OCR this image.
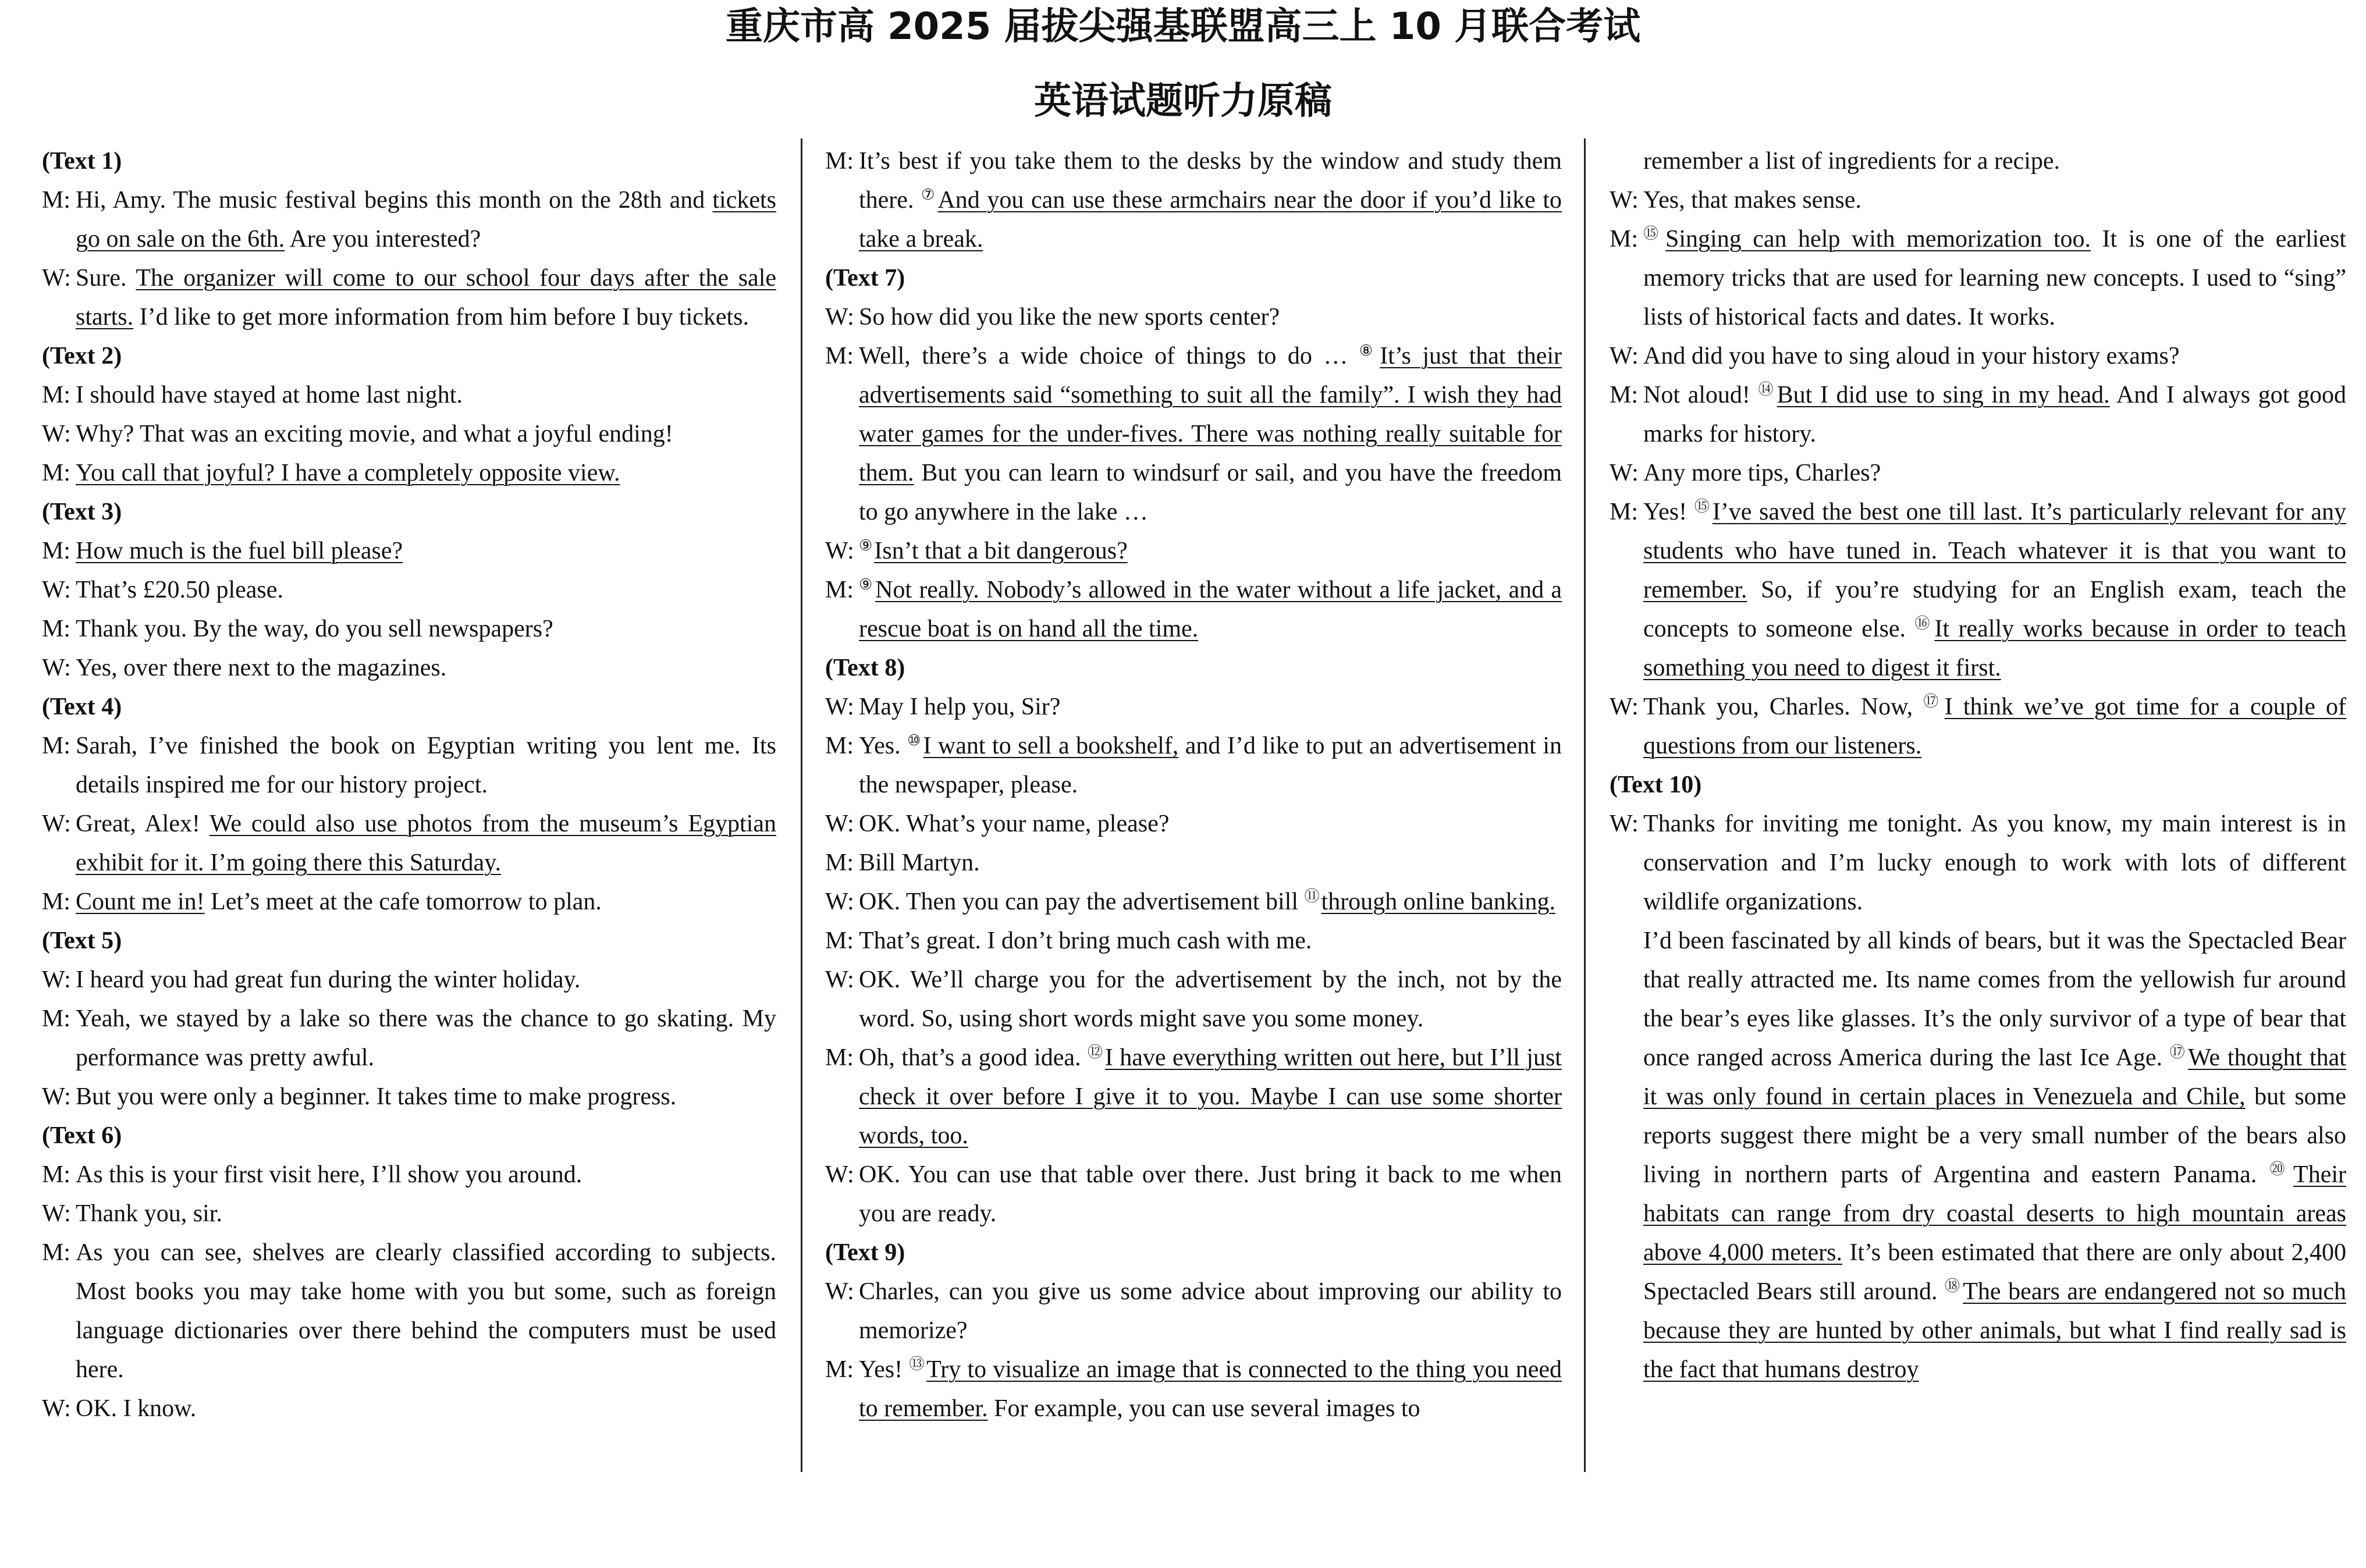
重庆市高 2025 届拔尖强基联盟高三上 10 月联合考试
英语试题听力原稿
(Text 1)
M: Hi, Amy. The music festival begins this month on the 28th and tickets go on sale on the 6th. Are you interested?
W: Sure. The organizer will come to our school four days after the sale starts. I’d like to get more information from him before I buy tickets.
(Text 2)
M: I should have stayed at home last night.
W: Why? That was an exciting movie, and what a joyful ending!
M: You call that joyful? I have a completely opposite view.
(Text 3)
M: How much is the fuel bill please?
W: That’s £20.50 please.
M: Thank you. By the way, do you sell newspapers?
W: Yes, over there next to the magazines.
(Text 4)
M: Sarah, I’ve finished the book on Egyptian writing you lent me. Its details inspired me for our history project.
W: Great, Alex! We could also use photos from the museum’s Egyptian exhibit for it. I’m going there this Saturday.
M: Count me in! Let’s meet at the cafe tomorrow to plan.
(Text 5)
W: I heard you had great fun during the winter holiday.
M: Yeah, we stayed by a lake so there was the chance to go skating. My performance was pretty awful.
W: But you were only a beginner. It takes time to make progress.
(Text 6)
M: As this is your first visit here, I’ll show you around.
W: Thank you, sir.
M: As you can see, shelves are clearly classified according to subjects. Most books you may take home with you but some, such as foreign language dictionaries over there behind the computers must be used here.
W: OK. I know.
M: It’s best if you take them to the desks by the window and study them there. ⑦And you can use these armchairs near the door if you’d like to take a break.
(Text 7)
W: So how did you like the new sports center?
M: Well, there’s a wide choice of things to do … ⑧It’s just that their advertisements said “something to suit all the family”. I wish they had water games for the under-fives. There was nothing really suitable for them. But you can learn to windsurf or sail, and you have the freedom to go anywhere in the lake …
W: ⑨Isn’t that a bit dangerous?
M: ⑨Not really. Nobody’s allowed in the water without a life jacket, and a rescue boat is on hand all the time.
(Text 8)
W: May I help you, Sir?
M: Yes. ⑩I want to sell a bookshelf, and I’d like to put an advertisement in the newspaper, please.
W: OK. What’s your name, please?
M: Bill Martyn.
W: OK. Then you can pay the advertisement bill ⑪through online banking.
M: That’s great. I don’t bring much cash with me.
W: OK. We’ll charge you for the advertisement by the inch, not by the word. So, using short words might save you some money.
M: Oh, that’s a good idea. ⑫I have everything written out here, but I’ll just check it over before I give it to you. Maybe I can use some shorter words, too.
W: OK. You can use that table over there. Just bring it back to me when you are ready.
(Text 9)
W: Charles, can you give us some advice about improving our ability to memorize?
M: Yes! ⑬Try to visualize an image that is connected to the thing you need to remember. For example, you can use several images to
remember a list of ingredients for a recipe.
W: Yes, that makes sense.
M: ⑮Singing can help with memorization too. It is one of the earliest memory tricks that are used for learning new concepts. I used to “sing” lists of historical facts and dates. It works.
W: And did you have to sing aloud in your history exams?
M: Not aloud! ⑭But I did use to sing in my head. And I always got good marks for history.
W: Any more tips, Charles?
M: Yes! ⑮I’ve saved the best one till last. It’s particularly relevant for any students who have tuned in. Teach whatever it is that you want to remember. So, if you’re studying for an English exam, teach the concepts to someone else. ⑯It really works because in order to teach something you need to digest it first.
W: Thank you, Charles. Now, ⑰I think we’ve got time for a couple of questions from our listeners.
(Text 10)
W: Thanks for inviting me tonight. As you know, my main interest is in conservation and I’m lucky enough to work with lots of different wildlife organizations.
I’d been fascinated by all kinds of bears, but it was the Spectacled Bear that really attracted me. Its name comes from the yellowish fur around the bear’s eyes like glasses. It’s the only survivor of a type of bear that once ranged across America during the last Ice Age. ⑰We thought that it was only found in certain places in Venezuela and Chile, but some reports suggest there might be a very small number of the bears also living in northern parts of Argentina and eastern Panama. ⑳Their habitats can range from dry coastal deserts to high mountain areas above 4,000 meters. It’s been estimated that there are only about 2,400 Spectacled Bears still around. ⑱The bears are endangered not so much because they are hunted by other animals, but what I find really sad is the fact that humans destroy
